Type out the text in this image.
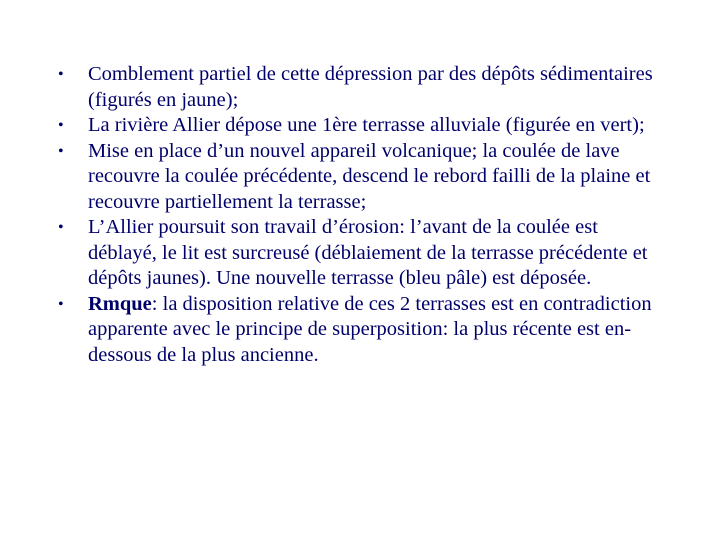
•	Comblement partiel de cette dépression par des dépôts sédimentaires (figurés en jaune);
•	La rivière Allier dépose une 1ère terrasse alluviale (figurée en vert);
•	Mise en place d’un nouvel appareil volcanique; la coulée de lave recouvre la coulée précédente, descend le rebord failli de la plaine et recouvre partiellement la terrasse;
•	L’Allier poursuit son travail d’érosion: l’avant de la coulée est déblayé, le lit est surcreusé (déblaiement de la terrasse précédente et dépôts jaunes). Une nouvelle terrasse (bleu pâle) est déposée.
•	Rmque: la disposition relative de ces 2 terrasses est en contradiction apparente avec le principe de superposition: la plus récente est en-dessous de la plus ancienne.
